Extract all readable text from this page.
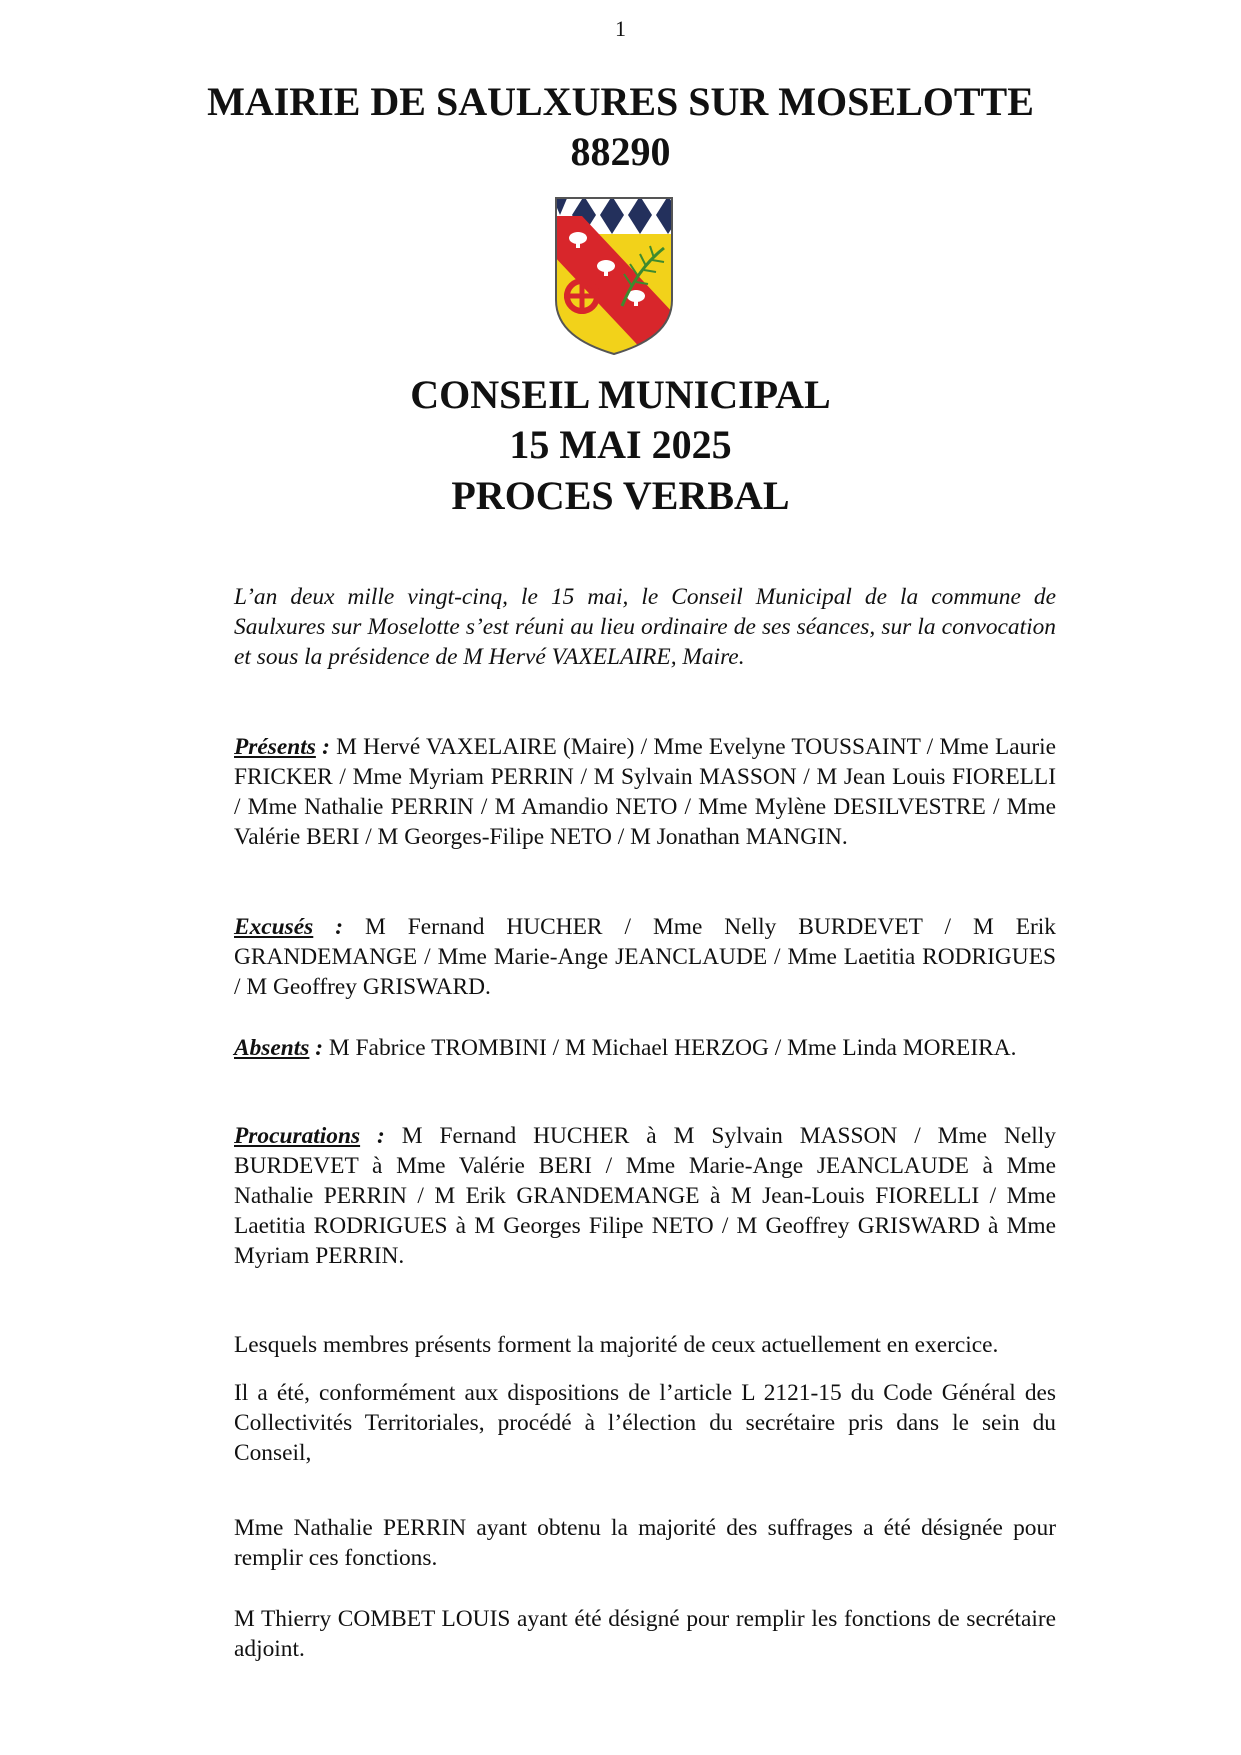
1
MAIRIE DE SAULXURES SUR MOSELOTTE
88290
CONSEIL MUNICIPAL
15 MAI 2025
PROCES VERBAL
L’an deux mille vingt-cinq, le 15 mai, le Conseil Municipal de la commune de Saulxures sur Moselotte s’est réuni au lieu ordinaire de ses séances, sur la convocation et sous la présidence de M Hervé VAXELAIRE, Maire.
Présents : M Hervé VAXELAIRE (Maire) / Mme Evelyne TOUSSAINT / Mme Laurie FRICKER / Mme Myriam PERRIN / M Sylvain MASSON / M Jean Louis FIORELLI / Mme Nathalie PERRIN / M Amandio NETO / Mme Mylène DESILVESTRE / Mme Valérie BERI / M Georges-Filipe NETO / M Jonathan MANGIN.
Excusés : M Fernand HUCHER / Mme Nelly BURDEVET / M Erik GRANDEMANGE / Mme Marie-Ange JEANCLAUDE / Mme Laetitia RODRIGUES / M Geoffrey GRISWARD.
Absents : M Fabrice TROMBINI / M Michael HERZOG / Mme Linda MOREIRA.
Procurations : M Fernand HUCHER à M Sylvain MASSON / Mme Nelly BURDEVET à Mme Valérie BERI / Mme Marie-Ange JEANCLAUDE à Mme Nathalie PERRIN / M Erik GRANDEMANGE à M Jean-Louis FIORELLI / Mme Laetitia RODRIGUES à M Georges Filipe NETO / M Geoffrey GRISWARD à Mme Myriam PERRIN.
Lesquels membres présents forment la majorité de ceux actuellement en exercice.
Il a été, conformément aux dispositions de l’article L 2121-15 du Code Général des Collectivités Territoriales, procédé à l’élection du secrétaire pris dans le sein du Conseil,
Mme Nathalie PERRIN ayant obtenu la majorité des suffrages a été désignée pour remplir ces fonctions.
M Thierry COMBET LOUIS ayant été désigné pour remplir les fonctions de secrétaire adjoint.
